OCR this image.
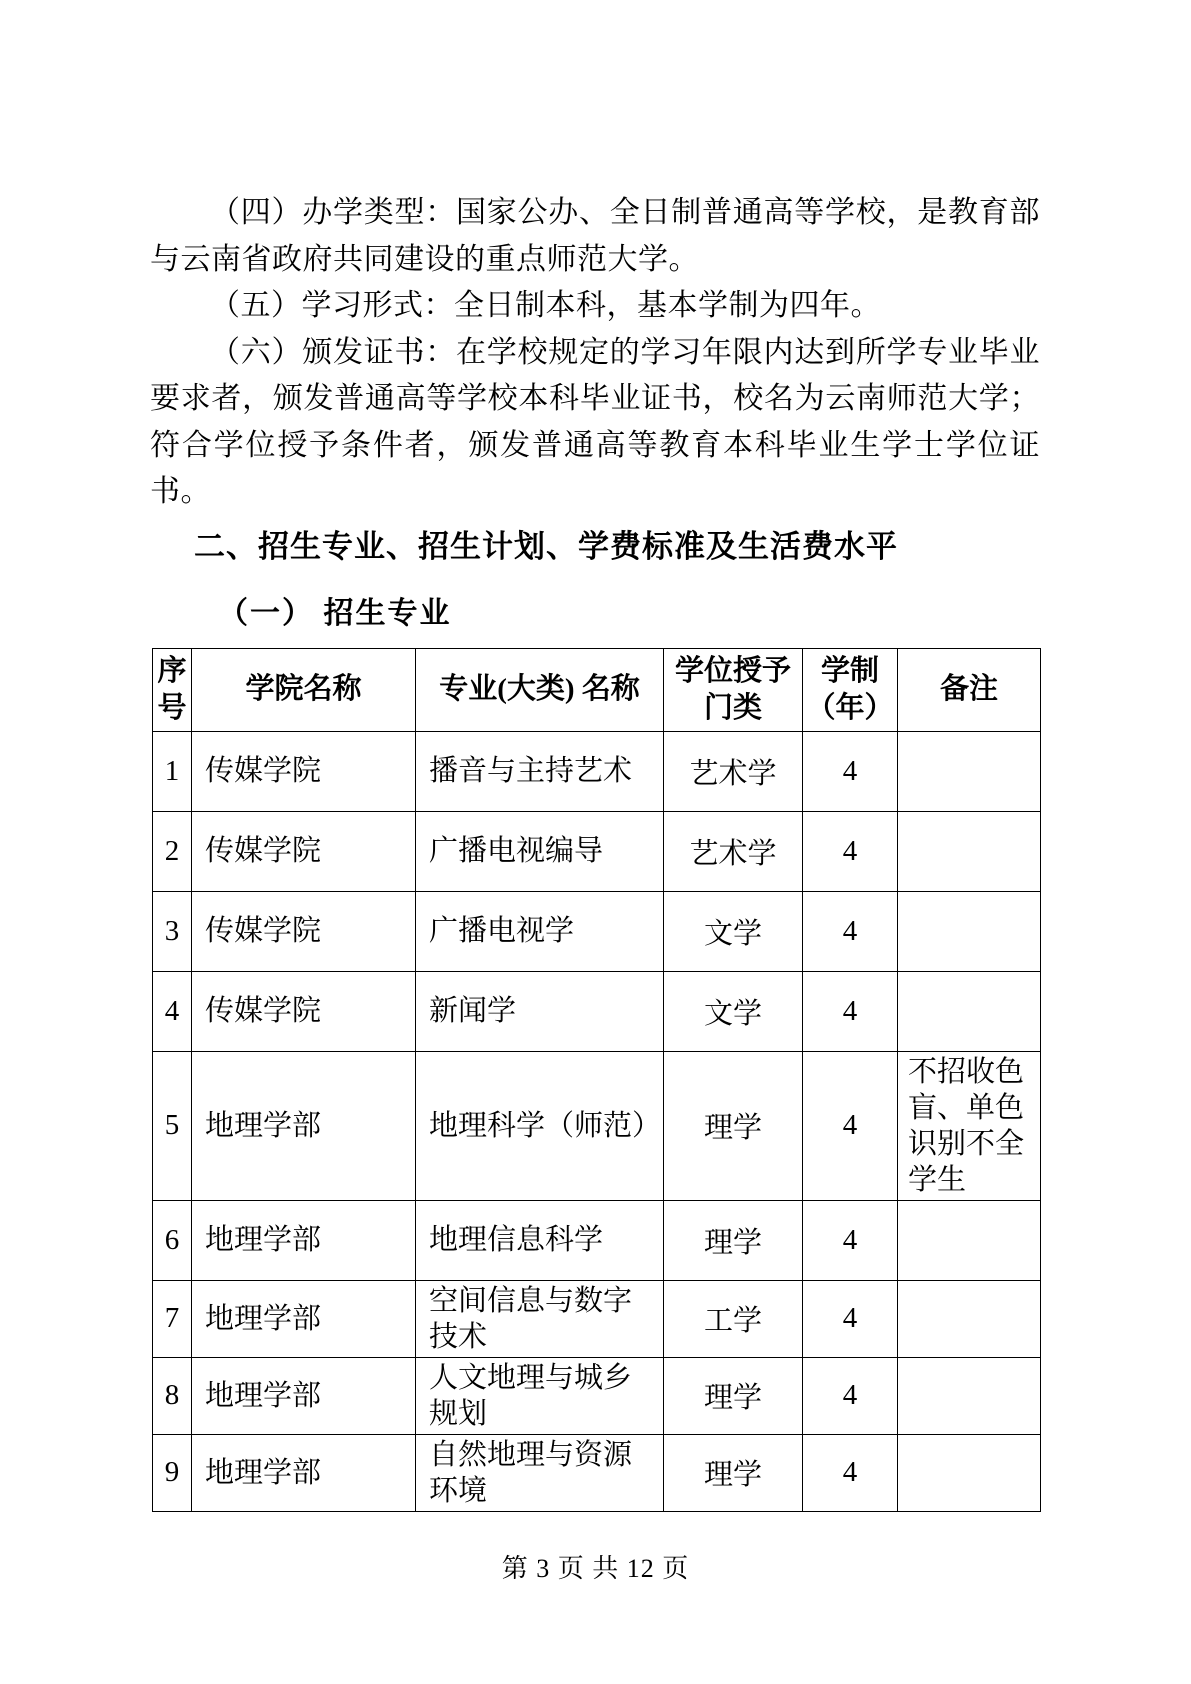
（四）办学类型：国家公办、全日制普通高等学校，是教育部与云南省政府共同建设的重点师范大学。

（五）学习形式：全日制本科，基本学制为四年。

（六）颁发证书：在学校规定的学习年限内达到所学专业毕业要求者，颁发普通高等学校本科毕业证书，校名为云南师范大学；符合学位授予条件者，颁发普通高等教育本科毕业生学士学位证书。

二、招生专业、招生计划、学费标准及生活费水平
（一） 招生专业
序号	学院名称	专业(大类) 名称	学位授予门类	学制（年）	备注
1	传媒学院	播音与主持艺术	艺术学	4	
2	传媒学院	广播电视编导	艺术学	4	
3	传媒学院	广播电视学	文学	4	
4	传媒学院	新闻学	文学	4	
5	地理学部	地理科学（师范）	理学	4	不招收色盲、单色识别不全学生
6	地理学部	地理信息科学	理学	4	
7	地理学部	空间信息与数字技术	工学	4	
8	地理学部	人文地理与城乡规划	理学	4	
9	地理学部	自然地理与资源环境	理学	4	
第 3 页 共 12 页
